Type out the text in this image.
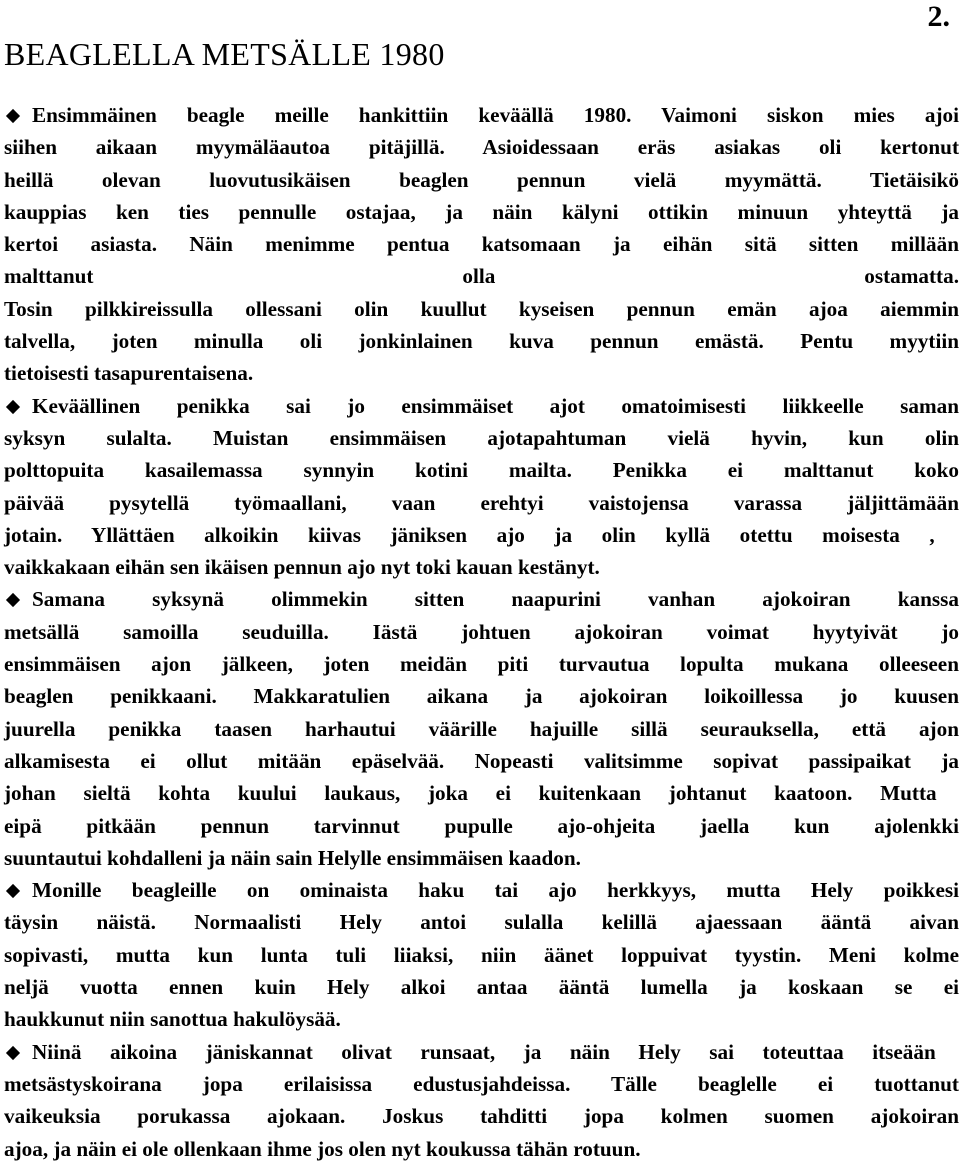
2.
BEAGLELLA METSÄLLE 1980
Ensimmäinen beagle meille hankittiin keväällä 1980. Vaimoni siskon mies ajoi
siihen aikaan myymäläautoa pitäjillä. Asioidessaan eräs asiakas oli kertonut
heillä olevan luovutusikäisen beaglen pennun vielä myymättä. Tietäisikö
kauppias ken ties pennulle ostajaa, ja näin kälyni ottikin minuun yhteyttä ja
kertoi asiasta. Näin menimme pentua katsomaan ja eihän sitä sitten millään
malttanut olla ostamatta.
Tosin pilkkireissulla ollessani olin kuullut kyseisen pennun emän ajoa aiemmin
talvella, joten minulla oli jonkinlainen kuva pennun emästä. Pentu myytiin
tietoisesti tasapurentaisena.
Keväällinen penikka sai jo ensimmäiset ajot omatoimisesti liikkeelle saman
syksyn sulalta. Muistan ensimmäisen ajotapahtuman vielä hyvin, kun olin
polttopuita kasailemassa synnyin kotini mailta. Penikka ei malttanut koko
päivää pysytellä työmaallani, vaan erehtyi vaistojensa varassa jäljittämään
jotain. Yllättäen alkoikin kiivas jäniksen ajo ja olin kyllä otettu moisesta ,
vaikkakaan eihän sen ikäisen pennun ajo nyt toki kauan kestänyt.
Samana syksynä olimmekin sitten naapurini vanhan ajokoiran kanssa
metsällä samoilla seuduilla. Iästä johtuen ajokoiran voimat hyytyivät jo
ensimmäisen ajon jälkeen, joten meidän piti turvautua lopulta mukana olleeseen
beaglen penikkaani. Makkaratulien aikana ja ajokoiran loikoillessa jo kuusen
juurella penikka taasen harhautui väärille hajuille sillä seurauksella, että ajon
alkamisesta ei ollut mitään epäselvää. Nopeasti valitsimme sopivat passipaikat ja
johan sieltä kohta kuului laukaus, joka ei kuitenkaan johtanut kaatoon. Mutta
eipä pitkään pennun tarvinnut pupulle ajo-ohjeita jaella kun ajolenkki
suuntautui kohdalleni ja näin sain Helylle ensimmäisen kaadon.
Monille beagleille on ominaista haku tai ajo herkkyys, mutta Hely poikkesi
täysin näistä. Normaalisti Hely antoi sulalla kelillä ajaessaan ääntä aivan
sopivasti, mutta kun lunta tuli liiaksi, niin äänet loppuivat tyystin. Meni kolme
neljä vuotta ennen kuin Hely alkoi antaa ääntä lumella ja koskaan se ei
haukkunut niin sanottua hakulöysää.
Niinä aikoina jäniskannat olivat runsaat, ja näin Hely sai toteuttaa itseään
metsästyskoirana jopa erilaisissa edustusjahdeissa. Tälle beaglelle ei tuottanut
vaikeuksia porukassa ajokaan. Joskus tahditti jopa kolmen suomen ajokoiran
ajoa, ja näin ei ole ollenkaan ihme jos olen nyt koukussa tähän rotuun.
